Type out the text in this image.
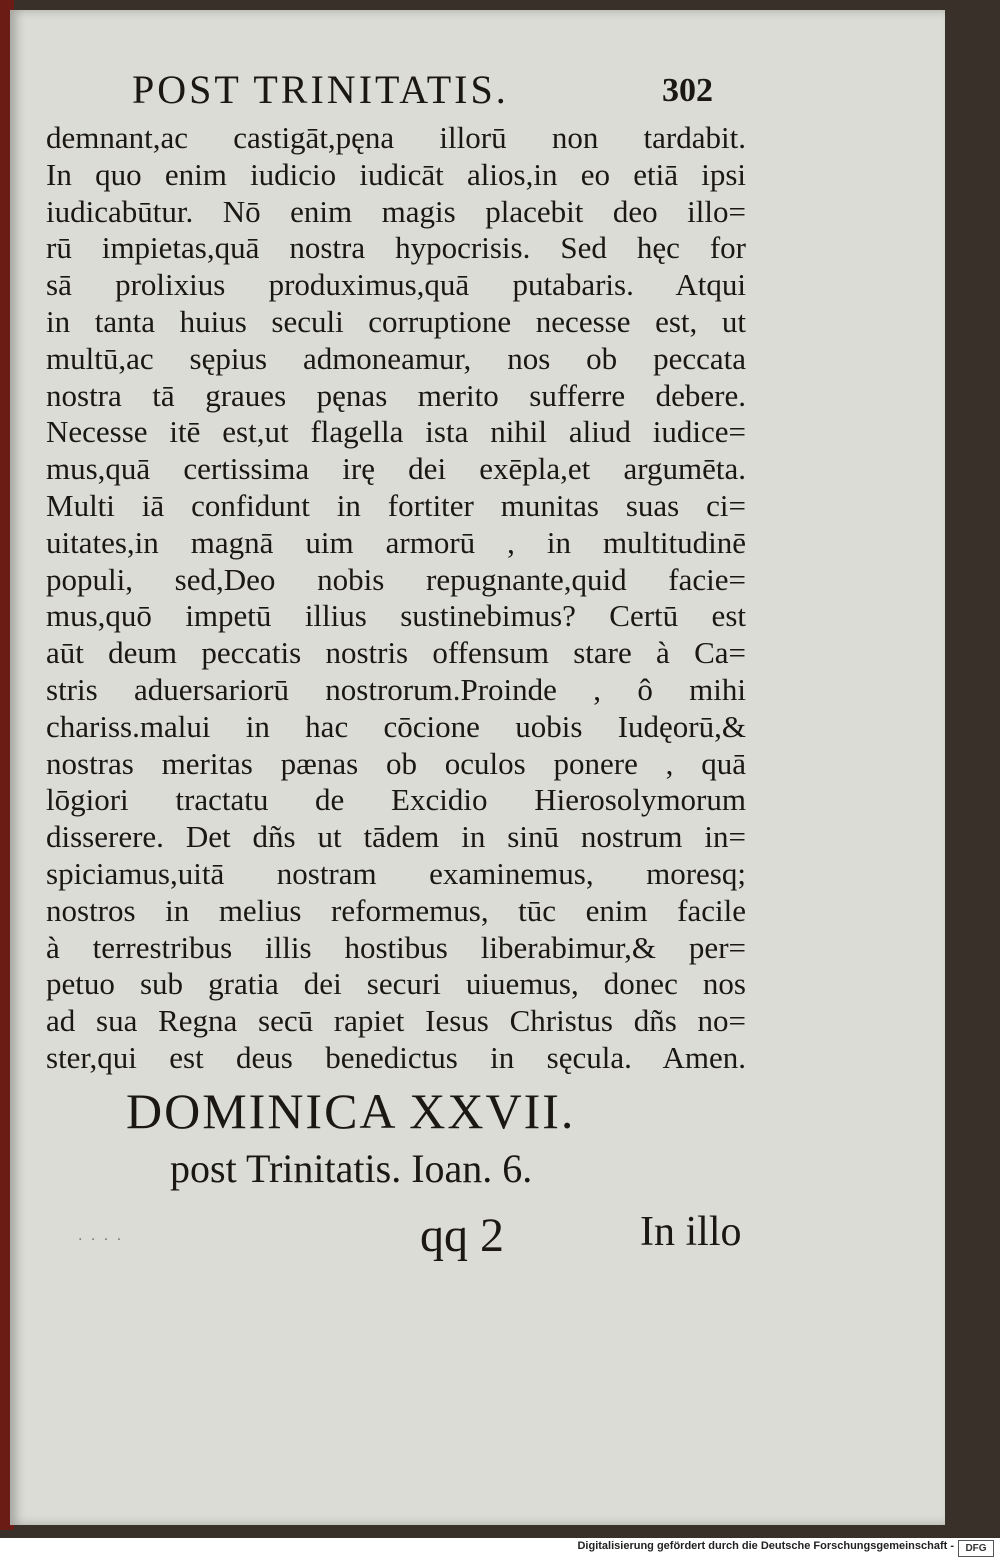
POST TRINITATIS.	302
demnant,ac castigāt,pęna illorū non tardabit.
In quo enim iudicio iudicāt alios,in eo etiā ipsi
iudicabūtur. Nō enim magis placebit deo illo=
rū impietas,quā nostra hypocrisis. Sed hęc for
sā prolixius produximus,quā putabaris. Atqui
in tanta huius seculi corruptione necesse est, ut
multū,ac sępius admoneamur, nos ob peccata
nostra tā graues pęnas merito sufferre debere.
Necesse itē est,ut flagella ista nihil aliud iudice=
mus,quā certissima irę dei exēpla,et argumēta.
Multi iā confidunt in fortiter munitas suas ci=
uitates,in magnā uim armorū , in multitudinē
populi, sed,Deo nobis repugnante,quid facie=
mus,quō impetū illius sustinebimus? Certū est
aūt deum peccatis nostris offensum stare à Ca=
stris aduersariorū nostrorum.Proinde , ô mihi
chariss.malui in hac cōcione uobis Iudęorū,&
nostras meritas pænas ob oculos ponere , quā
lōgiori tractatu de Excidio Hierosolymorum
disserere. Det dñs ut tādem in sinū nostrum in=
spiciamus,uitā nostram examinemus, moresq;
nostros in melius reformemus, tūc enim facile
à terrestribus illis hostibus liberabimur,& per=
petuo sub gratia dei securi uiuemus, donec nos
ad sua Regna secū rapiet Iesus Christus dñs no=
ster,qui est deus benedictus in sęcula. Amen.
DOMINICA XXVII.
post Trinitatis. Ioan. 6.
· · · ·	qq 2	In illo
Digitalisierung gefördert durch die Deutsche Forschungsgemeinschaft -	DFG
